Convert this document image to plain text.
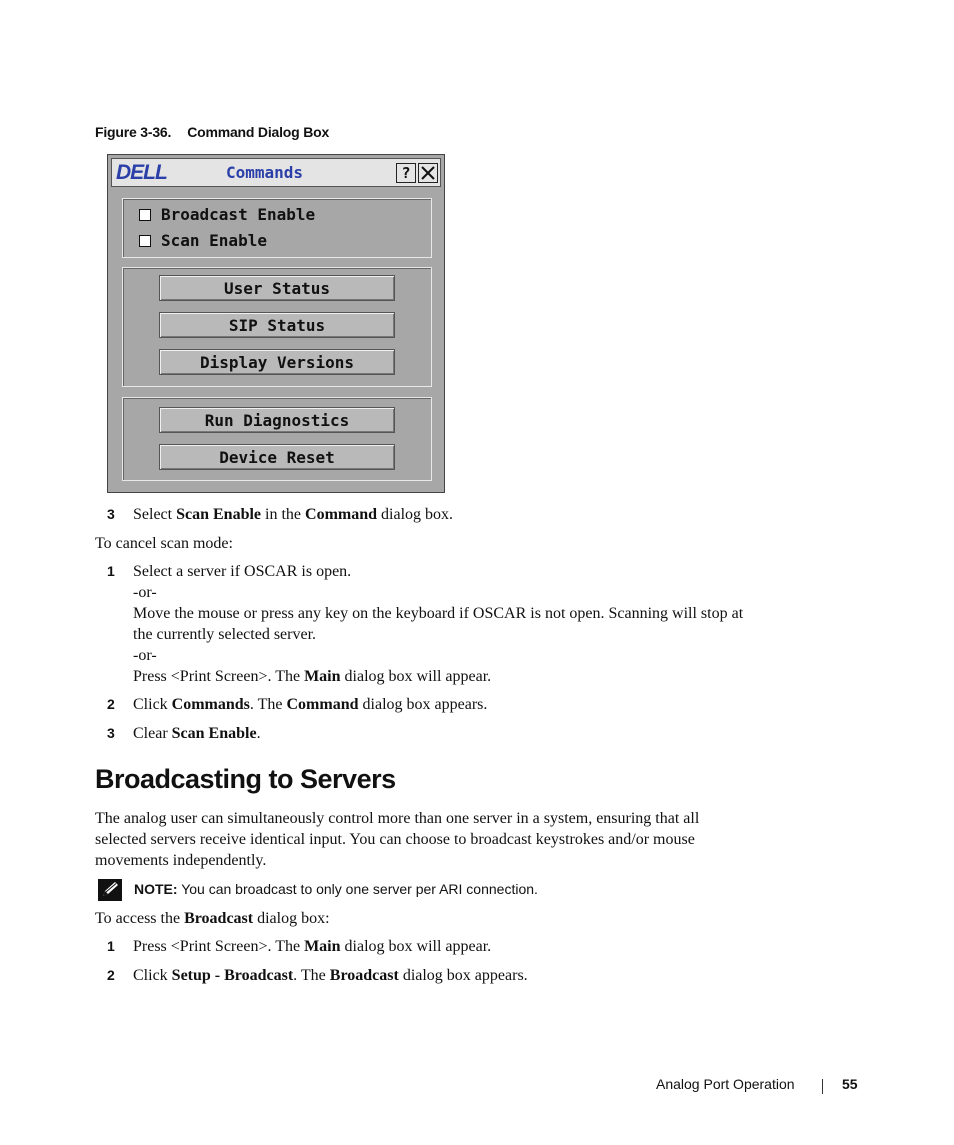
Figure 3-36. Command Dialog Box
DELL	Commands	?
Broadcast Enable
Scan Enable
User Status
SIP Status
Display Versions
Run Diagnostics
Device Reset
3 Select Scan Enable in the Command dialog box.
To cancel scan mode:
1 Select a server if OSCAR is open.
-or-
Move the mouse or press any key on the keyboard if OSCAR is not open. Scanning will stop at
the currently selected server.
-or-
Press <Print Screen>. The Main dialog box will appear.
2 Click Commands. The Command dialog box appears.
3 Clear Scan Enable.
Broadcasting to Servers
The analog user can simultaneously control more than one server in a system, ensuring that all
selected servers receive identical input. You can choose to broadcast keystrokes and/or mouse
movements independently.
NOTE: You can broadcast to only one server per ARI connection.
To access the Broadcast dialog box:
1 Press <Print Screen>. The Main dialog box will appear.
2 Click Setup - Broadcast. The Broadcast dialog box appears.
Analog Port Operation	55
